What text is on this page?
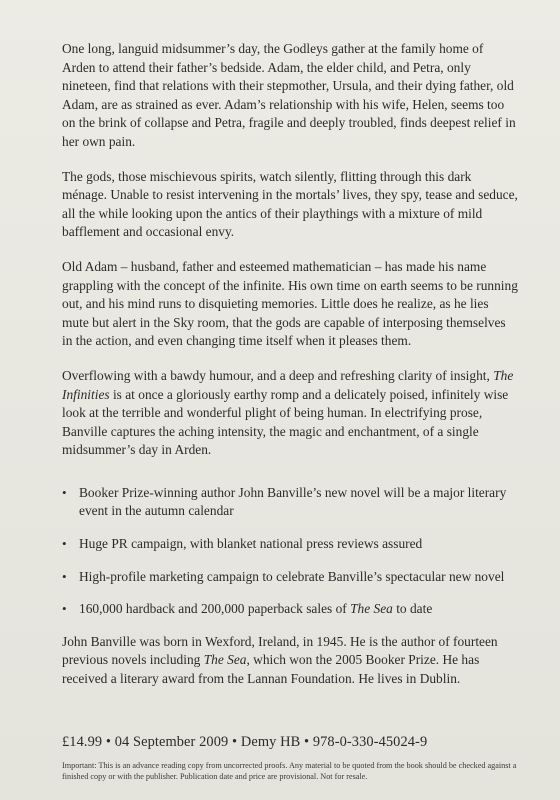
One long, languid midsummer’s day, the Godleys gather at the family home of Arden to attend their father’s bedside. Adam, the elder child, and Petra, only nineteen, find that relations with their stepmother, Ursula, and their dying father, old Adam, are as strained as ever. Adam’s relationship with his wife, Helen, seems too on the brink of collapse and Petra, fragile and deeply troubled, finds deepest relief in her own pain.

The gods, those mischievous spirits, watch silently, flitting through this dark ménage. Unable to resist intervening in the mortals’ lives, they spy, tease and seduce, all the while looking upon the antics of their playthings with a mixture of mild bafflement and occasional envy.

Old Adam – husband, father and esteemed mathematician – has made his name grappling with the concept of the infinite. His own time on earth seems to be running out, and his mind runs to disquieting memories. Little does he realize, as he lies mute but alert in the Sky room, that the gods are capable of interposing themselves in the action, and even changing time itself when it pleases them.

Overflowing with a bawdy humour, and a deep and refreshing clarity of insight, The Infinities is at once a gloriously earthy romp and a delicately poised, infinitely wise look at the terrible and wonderful plight of being human. In electrifying prose, Banville captures the aching intensity, the magic and enchantment, of a single midsummer’s day in Arden.

• Booker Prize-winning author John Banville’s new novel will be a major literary event in the autumn calendar
• Huge PR campaign, with blanket national press reviews assured
• High-profile marketing campaign to celebrate Banville’s spectacular new novel
• 160,000 hardback and 200,000 paperback sales of The Sea to date

John Banville was born in Wexford, Ireland, in 1945. He is the author of fourteen previous novels including The Sea, which won the 2005 Booker Prize. He has received a literary award from the Lannan Foundation. He lives in Dublin.

£14.99 • 04 September 2009 • Demy HB • 978-0-330-45024-9
Important: This is an advance reading copy from uncorrected proofs. Any material to be quoted from the book should be checked against a finished copy or with the publisher. Publication date and price are provisional. Not for resale.
